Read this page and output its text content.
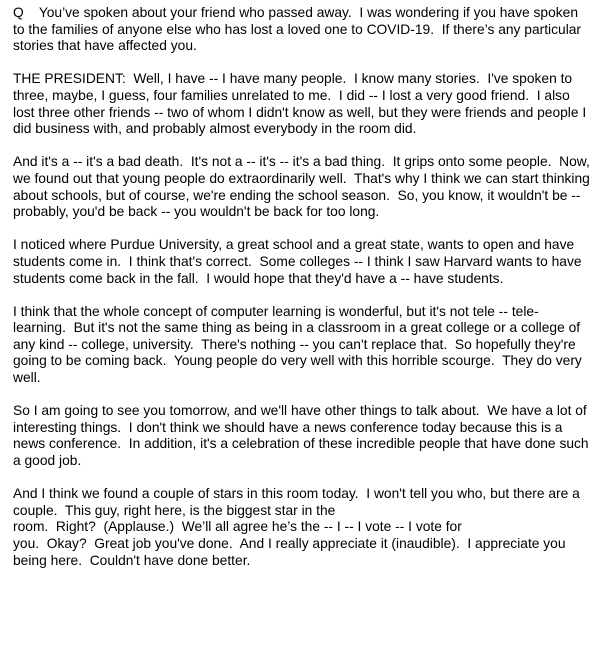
Q    You’ve spoken about your friend who passed away.  I was wondering if you have spoken to the families of anyone else who has lost a loved one to COVID-19.  If there’s any particular stories that have affected you.

THE PRESIDENT:  Well, I have -- I have many people.  I know many stories.  I've spoken to three, maybe, I guess, four families unrelated to me.  I did -- I lost a very good friend.  I also lost three other friends -- two of whom I didn't know as well, but they were friends and people I did business with, and probably almost everybody in the room did.

And it's a -- it's a bad death.  It's not a -- it's -- it's a bad thing.  It grips onto some people.  Now, we found out that young people do extraordinarily well.  That's why I think we can start thinking about schools, but of course, we're ending the school season.  So, you know, it wouldn't be -- probably, you'd be back -- you wouldn't be back for too long.

I noticed where Purdue University, a great school and a great state, wants to open and have students come in.  I think that's correct.  Some colleges -- I think I saw Harvard wants to have students come back in the fall.  I would hope that they'd have a -- have students.

I think that the whole concept of computer learning is wonderful, but it's not tele -- tele-learning.  But it's not the same thing as being in a classroom in a great college or a college of any kind -- college, university.  There's nothing -- you can't replace that.  So hopefully they're going to be coming back.  Young people do very well with this horrible scourge.  They do very well.

So I am going to see you tomorrow, and we'll have other things to talk about.  We have a lot of interesting things.  I don't think we should have a news conference today because this is a news conference.  In addition, it's a celebration of these incredible people that have done such a good job.

And I think we found a couple of stars in this room today.  I won't tell you who, but there are a couple.  This guy, right here, is the biggest star in the
room.  Right?  (Applause.)  We’ll all agree he’s the -- I -- I vote -- I vote for
you.  Okay?  Great job you've done.  And I really appreciate it (inaudible).  I appreciate you being here.  Couldn't have done better.
